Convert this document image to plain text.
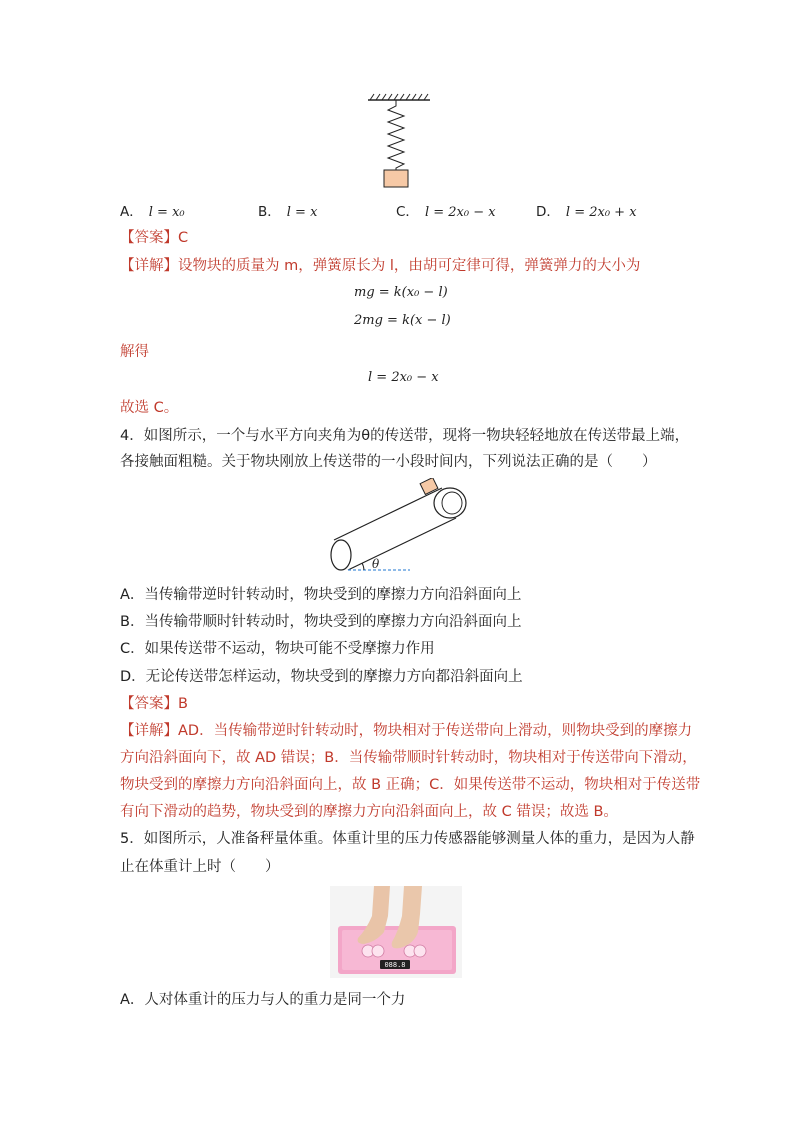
A． l = x₀	B． l = x	C． l = 2x₀ − x	D． l = 2x₀ + x
【答案】C
【详解】设物块的质量为 m，弹簧原长为 l，由胡可定律可得，弹簧弹力的大小为
mg = k(x₀ − l)
2mg = k(x − l)
解得
l = 2x₀ − x
故选 C。
4．如图所示，一个与水平方向夹角为θ的传送带，现将一物块轻轻地放在传送带最上端，
各接触面粗糙。关于物块刚放上传送带的一小段时间内，下列说法正确的是（　　）
θ
A．当传输带逆时针转动时，物块受到的摩擦力方向沿斜面向上
B．当传输带顺时针转动时，物块受到的摩擦力方向沿斜面向上
C．如果传送带不运动，物块可能不受摩擦力作用
D．无论传送带怎样运动，物块受到的摩擦力方向都沿斜面向上
【答案】B
【详解】AD．当传输带逆时针转动时，物块相对于传送带向上滑动，则物块受到的摩擦力
方向沿斜面向下，故 AD 错误；B．当传输带顺时针转动时，物块相对于传送带向下滑动，
物块受到的摩擦力方向沿斜面向上，故 B 正确；C．如果传送带不运动，物块相对于传送带
有向下滑动的趋势，物块受到的摩擦力方向沿斜面向上，故 C 错误；故选 B。
5．如图所示，人准备秤量体重。体重计里的压力传感器能够测量人体的重力，是因为人静
止在体重计上时（　　）
088.8
A．人对体重计的压力与人的重力是同一个力
